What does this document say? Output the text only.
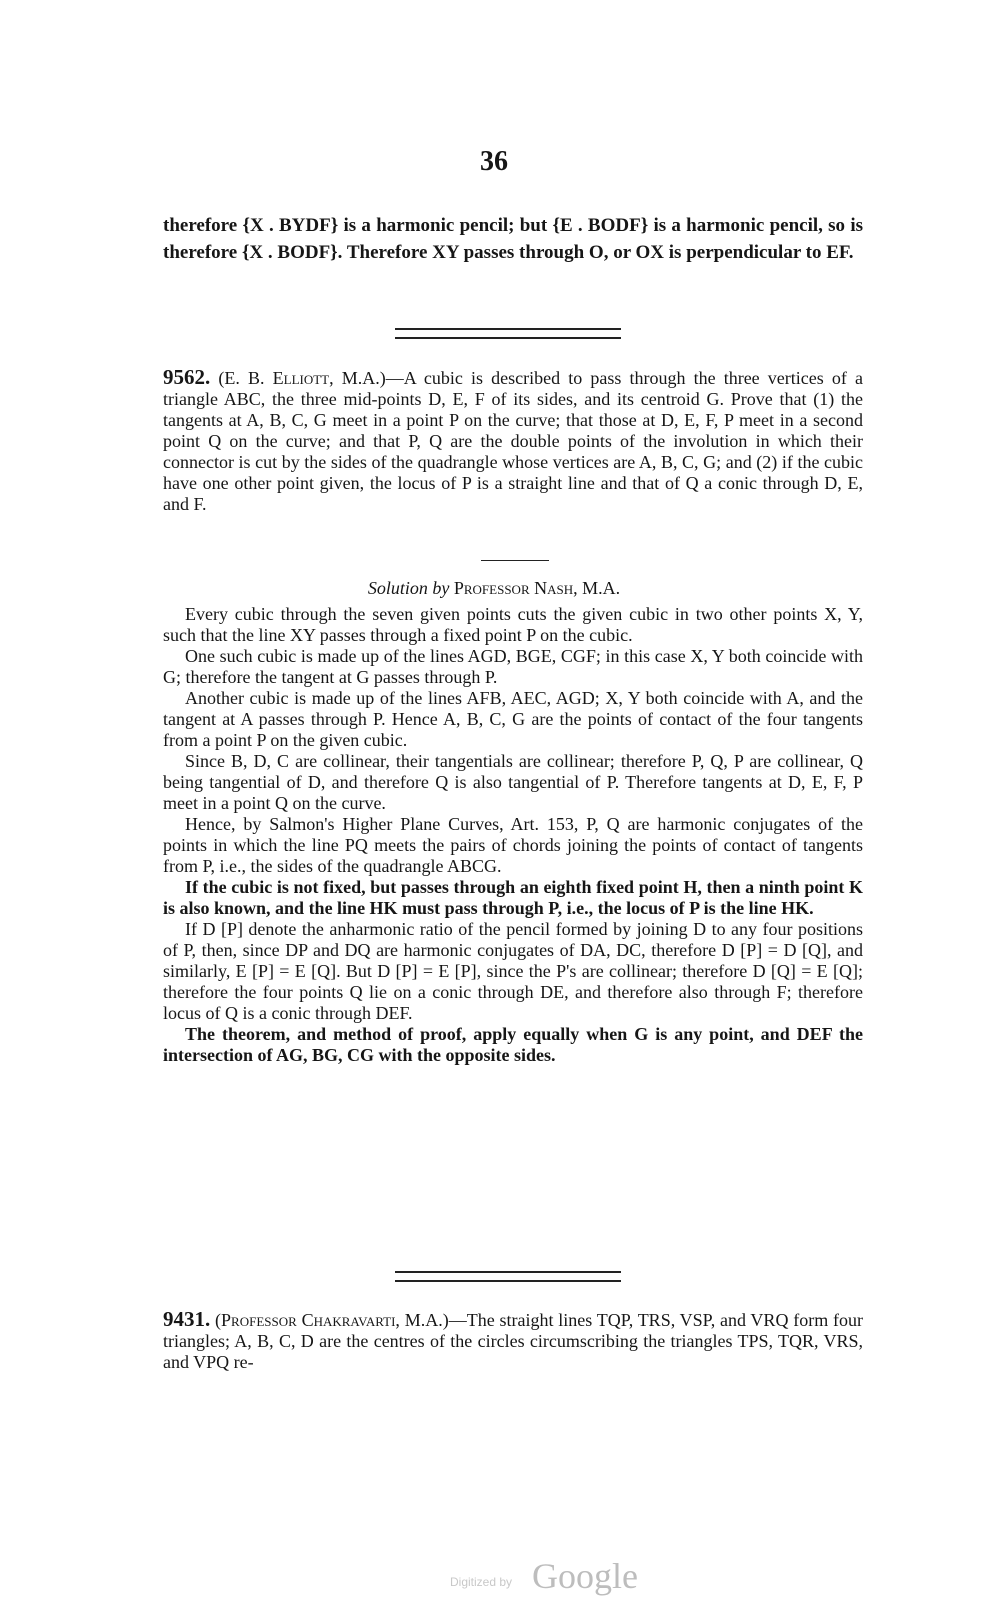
36

therefore {X . BYDF} is a harmonic pencil; but {E . BODF} is a harmonic pencil, so is therefore {X . BODF}. Therefore XY passes through O, or OX is perpendicular to EF.

9562. (E. B. Elliott, M.A.)—A cubic is described to pass through the three vertices of a triangle ABC, the three mid-points D, E, F of its sides, and its centroid G. Prove that (1) the tangents at A, B, C, G meet in a point P on the curve; that those at D, E, F, P meet in a second point Q on the curve; and that P, Q are the double points of the involution in which their connector is cut by the sides of the quadrangle whose vertices are A, B, C, G; and (2) if the cubic have one other point given, the locus of P is a straight line and that of Q a conic through D, E, and F.

Solution by Professor Nash, M.A.

Every cubic through the seven given points cuts the given cubic in two other points X, Y, such that the line XY passes through a fixed point P on the cubic.

One such cubic is made up of the lines AGD, BGE, CGF; in this case X, Y both coincide with G; therefore the tangent at G passes through P.

Another cubic is made up of the lines AFB, AEC, AGD; X, Y both coincide with A, and the tangent at A passes through P. Hence A, B, C, G are the points of contact of the four tangents from a point P on the given cubic.

Since B, D, C are collinear, their tangentials are collinear; therefore P, Q, P are collinear, Q being tangential of D, and therefore Q is also tangential of P. Therefore tangents at D, E, F, P meet in a point Q on the curve.

Hence, by Salmon's Higher Plane Curves, Art. 153, P, Q are harmonic conjugates of the points in which the line PQ meets the pairs of chords joining the points of contact of tangents from P, i.e., the sides of the quadrangle ABCG.

If the cubic is not fixed, but passes through an eighth fixed point H, then a ninth point K is also known, and the line HK must pass through P, i.e., the locus of P is the line HK.

If D [P] denote the anharmonic ratio of the pencil formed by joining D to any four positions of P, then, since DP and DQ are harmonic conjugates of DA, DC, therefore D [P] = D [Q], and similarly, E [P] = E [Q]. But D [P] = E [P], since the P's are collinear; therefore D [Q] = E [Q]; therefore the four points Q lie on a conic through DE, and therefore also through F; therefore locus of Q is a conic through DEF.

The theorem, and method of proof, apply equally when G is any point, and DEF the intersection of AG, BG, CG with the opposite sides.

9431. (Professor Chakravarti, M.A.)—The straight lines TQP, TRS, VSP, and VRQ form four triangles; A, B, C, D are the centres of the circles circumscribing the triangles TPS, TQR, VRS, and VPQ re-

Digitized by Google
